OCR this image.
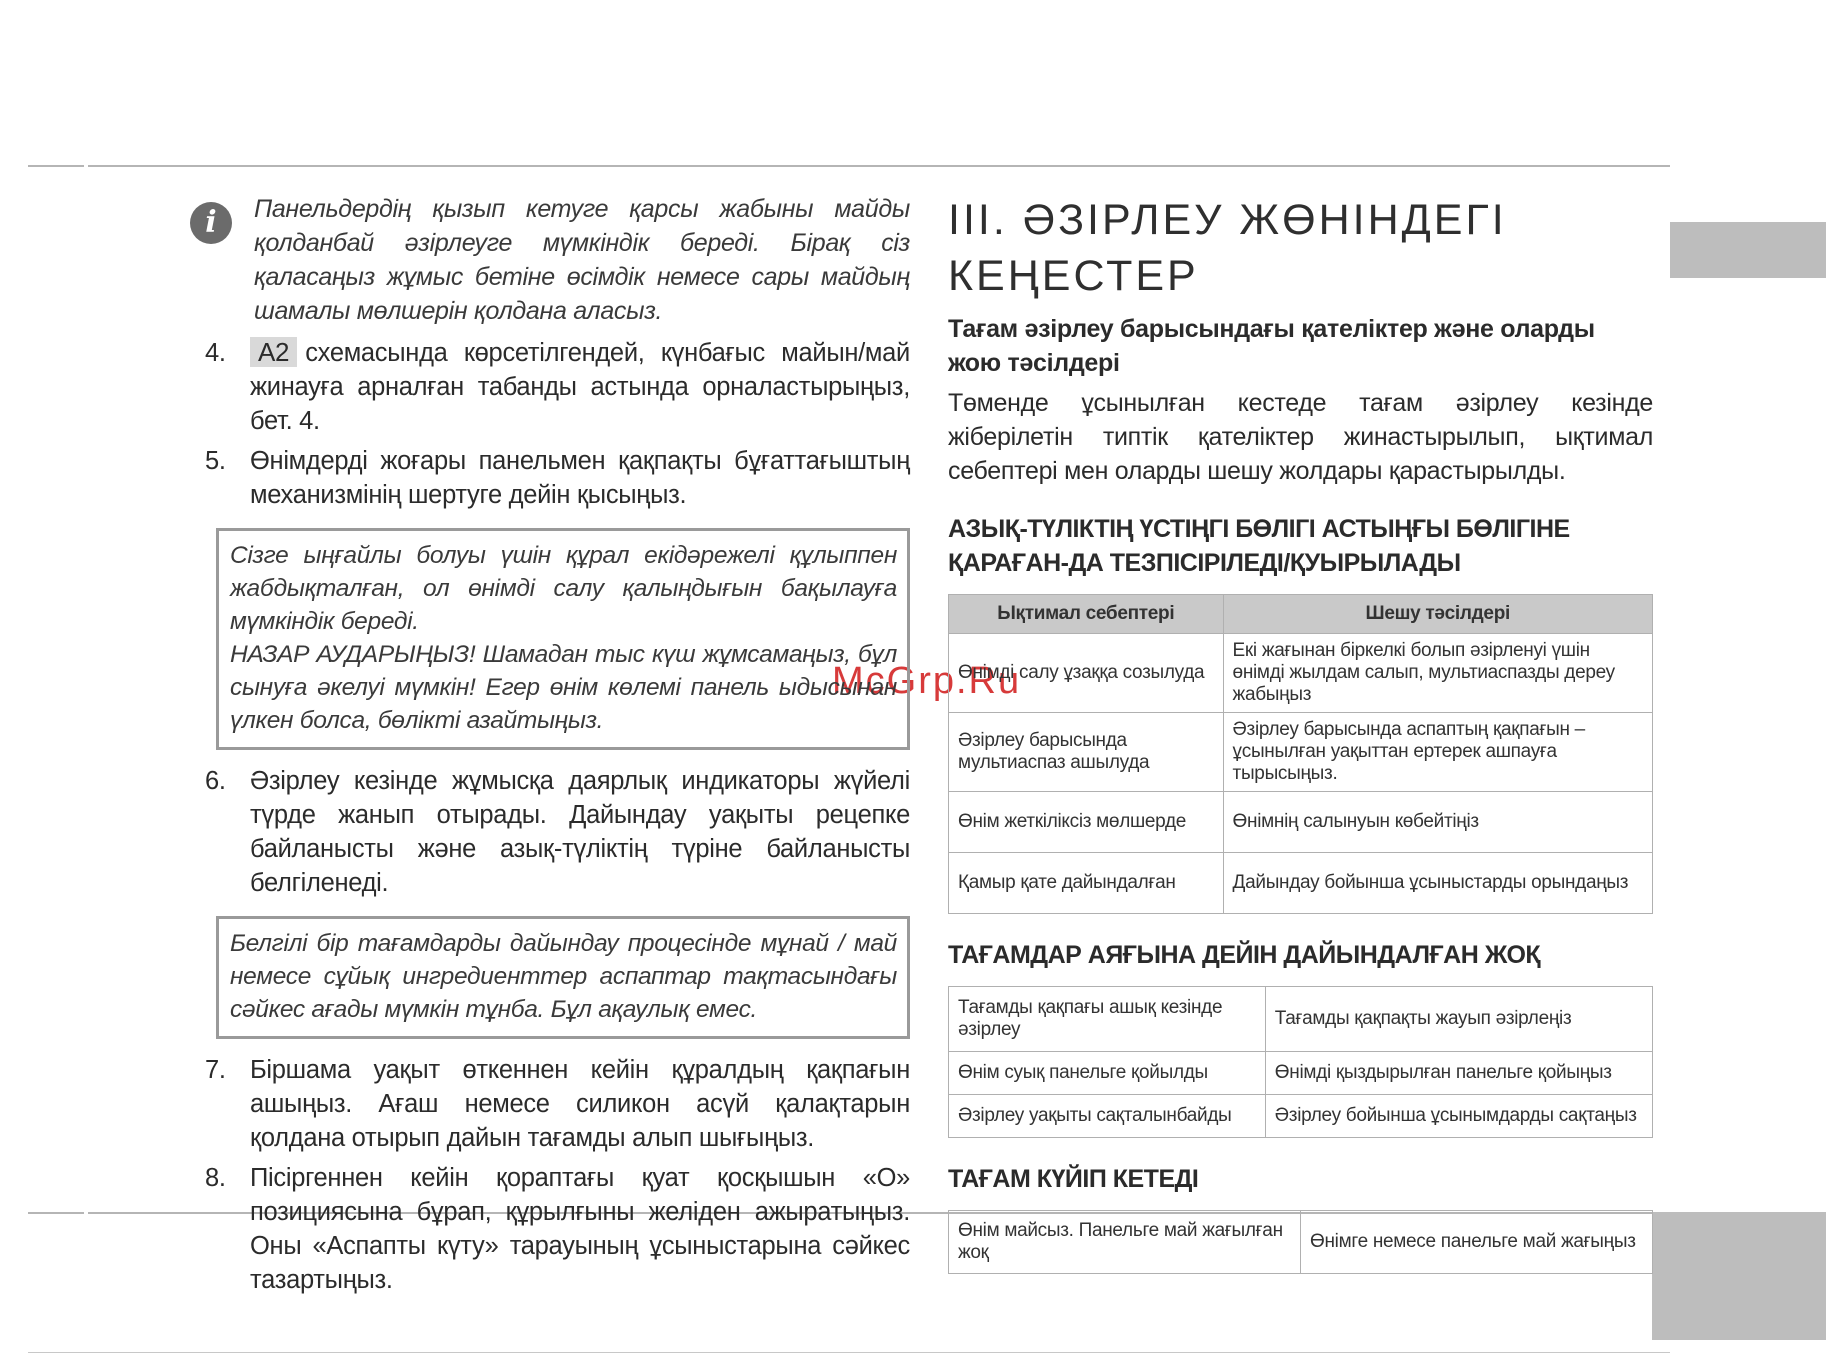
McGrp.Ru
i	Панельдердің қызып кетуге қарсы жабыны майды қолданбай әзірлеуге мүмкіндік береді. Бірақ сіз қаласаңыз жұмыс бетіне өсімдік немесе сары майдың шамалы мөлшерін қолдана аласыз.
4.	A2 схемасында көрсетілгендей, күнбағыс майын/май жинауға арналған табанды астында орналастырыңыз, бет. 4.
5. Өнімдерді жоғары панельмен қақпақты бұғаттағыштың механизмінің шертуге дейін қысыңыз.
Сізге ыңғайлы болуы үшін құрал екідәрежелі құлыппен жабдықталған, ол өнімді салу қалыңдығын бақылауға мүмкіндік береді.
НАЗАР АУДАРЫҢЫЗ! Шамадан тыс күш жұмсамаңыз, бұл сынуға әкелуі мүмкін! Егер өнім көлемі панель ыдысынан үлкен болса, бөлікті азайтыңыз.
6. Әзірлеу кезінде жұмысқа даярлық индикаторы жүйелі түрде жанып отырады. Дайындау уақыты рецепке байланысты және азық-түліктің түріне байланысты белгіленеді.
Белгілі бір тағамдарды дайындау процесінде мұнай / май немесе сұйық ингредиенттер аспаптар тақтасындағы сәйкес ағады мүмкін тұнба. Бұл ақаулық емес.
7. Біршама уақыт өткеннен кейін құралдың қақпағын ашыңыз. Ағаш немесе силикон асүй қалақтарын қолдана отырып дайын тағамды алып шығыңыз.
8. Пісіргеннен кейін қораптағы қуат қосқышын «О» позициясына бұрап, құрылғыны желіден ажыратыңыз. Оны «Аспапты күту» тарауының ұсыныстарына сәйкес тазартыңыз.
III. ӘЗІРЛЕУ ЖӨНІНДЕГІ КЕҢЕСТЕР
Тағам әзірлеу барысындағы қателіктер және оларды жою тәсілдері

Төменде ұсынылған кестеде тағам әзірлеу кезінде жіберілетін типтік қателіктер жинастырылып, ықтимал себептері мен оларды шешу жолдары қарастырылды.

АЗЫҚ-ТҮЛІКТІҢ ҮСТІҢГІ БӨЛІГІ АСТЫҢҒЫ БӨЛІГІНЕ ҚАРАҒАН-ДА ТЕЗПІСІРІЛЕДІ/ҚУЫРЫЛАДЫ
Ықтимал себептері	Шешу тәсілдері
Өнімді салу ұзаққа созылуда	Екі жағынан біркелкі болып әзірленуі үшін өнімді жылдам салып, мультиаспазды дереу жабыңыз
Әзірлеу барысында мультиаспаз ашылуда	Әзірлеу барысында аспаптың қақпағын – ұсынылған уақыттан ертерек ашпауға тырысыңыз.
Өнім жеткіліксіз мөлшерде	Өнімнің салынуын көбейтіңіз
Қамыр қате дайындалған	Дайындау бойынша ұсыныстарды орындаңыз
ТАҒАМДАР АЯҒЫНА ДЕЙІН ДАЙЫНДАЛҒАН ЖОҚ
Тағамды қақпағы ашық кезінде әзірлеу	Тағамды қақпақты жауып әзірлеңіз
Өнім суық панельге қойылды	Өнімді қыздырылған панельге қойыңыз
Әзірлеу уақыты сақталынбайды	Әзірлеу бойынша ұсынымдарды сақтаңыз
ТАҒАМ КҮЙІП КЕТЕДІ
Өнім майсыз. Панельге май жағылған жоқ	Өнімге немесе панельге май жағыңыз
